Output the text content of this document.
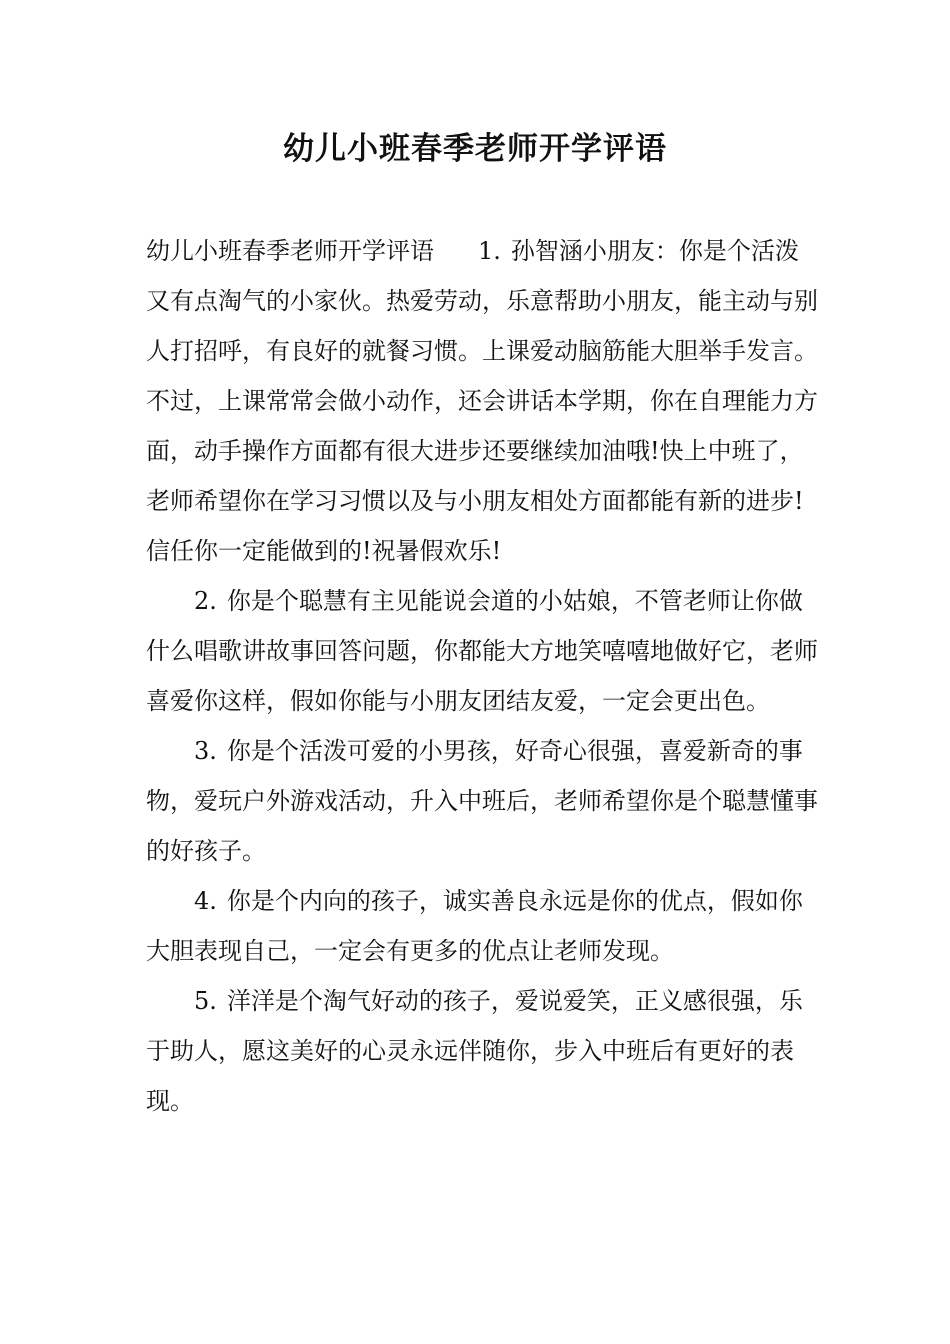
幼儿小班春季老师开学评语

幼儿小班春季老师开学评语 1. 孙智涵小朋友：你是个活泼又有点淘气的小家伙。热爱劳动，乐意帮助小朋友，能主动与别人打招呼，有良好的就餐习惯。上课爱动脑筋能大胆举手发言。不过，上课常常会做小动作，还会讲话本学期，你在自理能力方面，动手操作方面都有很大进步还要继续加油哦!快上中班了，老师希望你在学习习惯以及与小朋友相处方面都能有新的进步!信任你一定能做到的!祝暑假欢乐!

2. 你是个聪慧有主见能说会道的小姑娘，不管老师让你做什么唱歌讲故事回答问题，你都能大方地笑嘻嘻地做好它，老师喜爱你这样，假如你能与小朋友团结友爱，一定会更出色。

3. 你是个活泼可爱的小男孩，好奇心很强，喜爱新奇的事物，爱玩户外游戏活动，升入中班后，老师希望你是个聪慧懂事的好孩子。

4. 你是个内向的孩子，诚实善良永远是你的优点，假如你大胆表现自己，一定会有更多的优点让老师发现。

5. 洋洋是个淘气好动的孩子，爱说爱笑，正义感很强，乐于助人，愿这美好的心灵永远伴随你，步入中班后有更好的表现。
